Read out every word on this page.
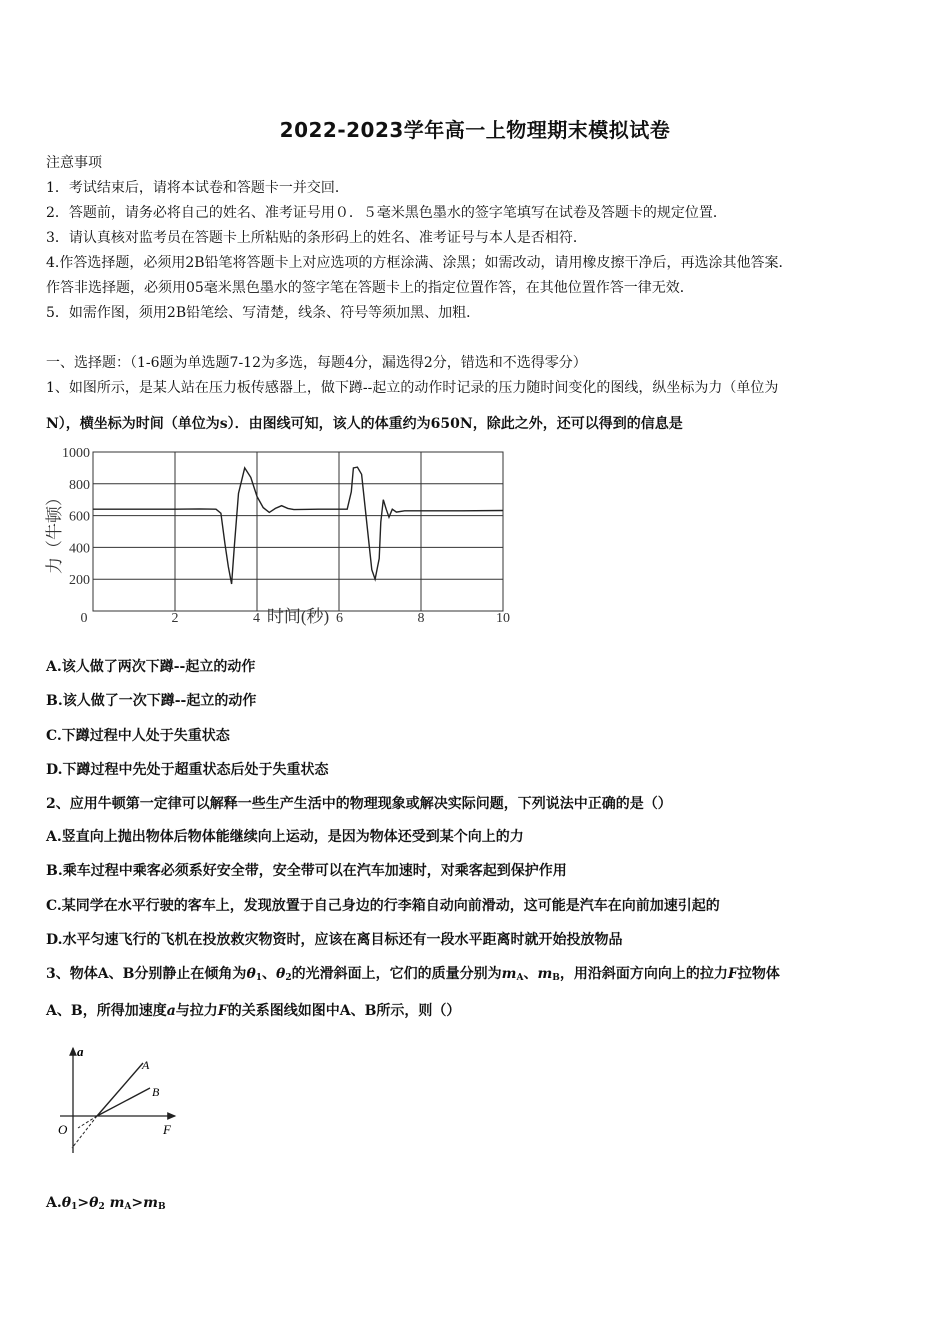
2022-2023学年高一上物理期末模拟试卷
注意事项
1．考试结束后，请将本试卷和答题卡一并交回．
2．答题前，请务必将自己的姓名、准考证号用０．５毫米黑色墨水的签字笔填写在试卷及答题卡的规定位置．
3．请认真核对监考员在答题卡上所粘贴的条形码上的姓名、准考证号与本人是否相符．
4.作答选择题，必须用2B铅笔将答题卡上对应选项的方框涂满、涂黑；如需改动，请用橡皮擦干净后，再选涂其他答案．
作答非选择题，必须用05毫米黑色墨水的签字笔在答题卡上的指定位置作答，在其他位置作答一律无效．
5．如需作图，须用2B铅笔绘、写清楚，线条、符号等须加黑、加粗．
一、选择题：（1-6题为单选题7-12为多选，每题4分，漏选得2分，错选和不选得零分）
1、如图所示，是某人站在压力板传感器上，做下蹲--起立的动作时记录的压力随时间变化的图线，纵坐标为力（单位为
N），横坐标为时间（单位为s）．由图线可知，该人的体重约为650N，除此之外，还可以得到的信息是
1000
800
600
400
200
0	2	4	6	8	10
力（牛顿）
时间(秒)
A.该人做了两次下蹲--起立的动作
B.该人做了一次下蹲--起立的动作
C.下蹲过程中人处于失重状态
D.下蹲过程中先处于超重状态后处于失重状态
2、应用牛顿第一定律可以解释一些生产生活中的物理现象或解决实际问题，下列说法中正确的是（）
A.竖直向上抛出物体后物体能继续向上运动，是因为物体还受到某个向上的力
B.乘车过程中乘客必须系好安全带，安全带可以在汽车加速时，对乘客起到保护作用
C.某同学在水平行驶的客车上，发现放置于自己身边的行李箱自动向前滑动，这可能是汽车在向前加速引起的
D.水平匀速飞行的飞机在投放救灾物资时，应该在离目标还有一段水平距离时就开始投放物品
3、物体A、B分别静止在倾角为$\theta_1$、$\theta_2$的光滑斜面上，它们的质量分别为$m_A$、$m_B$，用沿斜面方向向上的拉力F拉物体
A、B，所得加速度a与拉力F的关系图线如图中A、B所示，则（）
a
F
O
A
B
$A.\theta_1>\theta_2$ $m_A>m_B$
